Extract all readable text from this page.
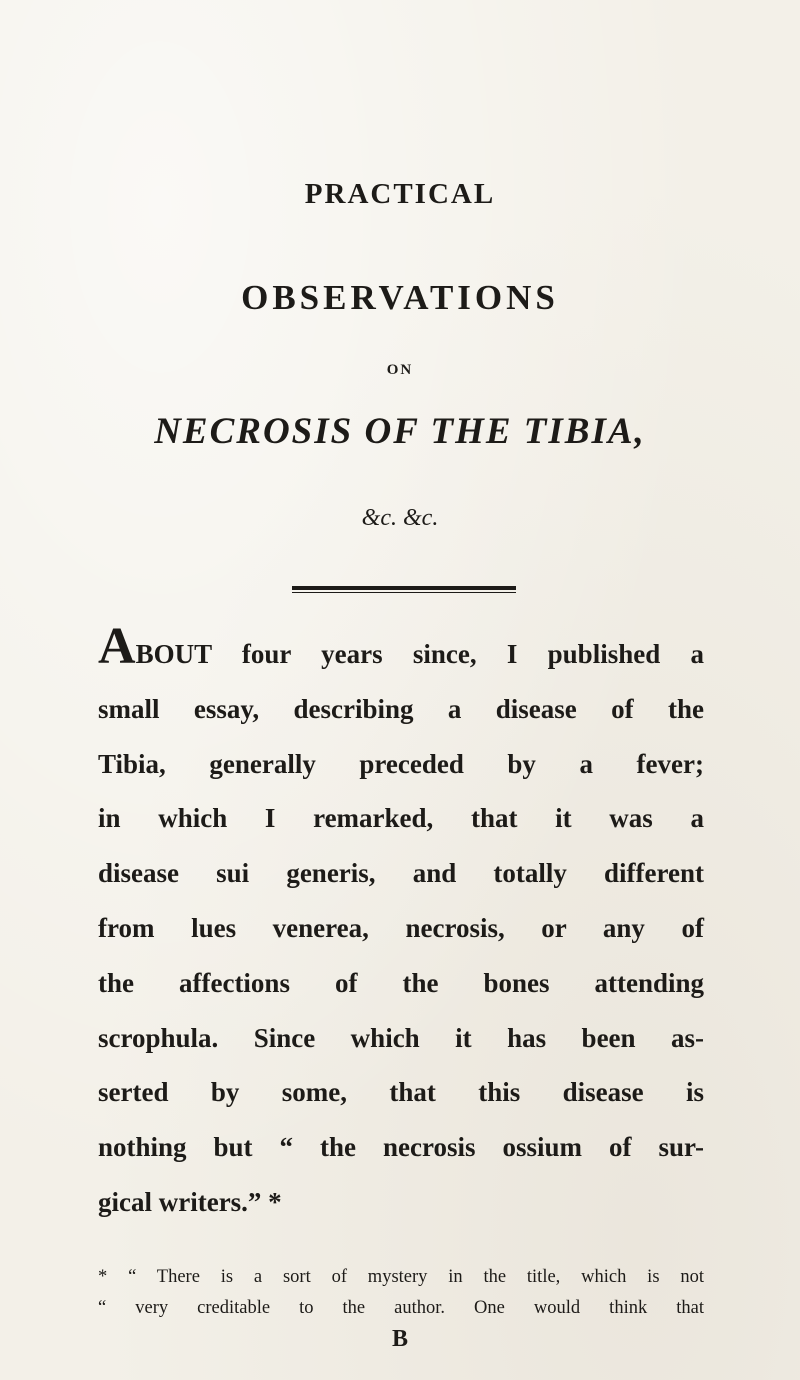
PRACTICAL
OBSERVATIONS
ON
NECROSIS OF THE TIBIA,
&c. &c.
ABOUT four years since, I published a
small essay, describing a disease of the
Tibia, generally preceded by a fever;
in which I remarked, that it was a
disease sui generis, and totally different
from lues venerea, necrosis, or any of
the affections of the bones attending
scrophula. Since which it has been as-
serted by some, that this disease is
nothing but “ the necrosis ossium of sur-
gical writers.” *
* “ There is a sort of mystery in the title, which is not
“ very creditable to the author. One would think that
B
